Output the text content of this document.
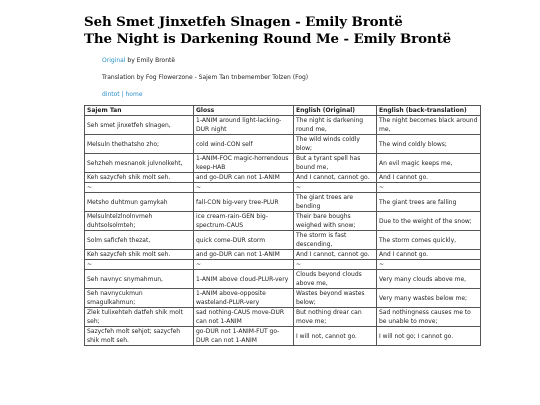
Seh Smet Jinxetfeh Slnagen - Emily Brontë
The Night is Darkening Round Me - Emily Brontë
Original by Emily Brontë
Translation by Fog Flowerzone - Sajem Tan tnbemember Tolzen (Fog)
dintot | home
Sajem Tan	Gloss	English (Original)	English (back-translation)
Seh smet jinxetfeh slnagen,	1-ANIM around light-lacking-DUR night	The night is darkening round me,	The night becomes black around me,
Melsuln thethatsho zho;	cold wind-CON self	The wild winds coldly blow;	The wind coldly blows;
Sehzheh mesnanok julvnolkeht,	1-ANIM-FOC magic-horrendous keep-HAB	But a tyrant spell has bound me,	An evil magic keeps me,
Keh sazycfeh shik molt seh.	and go-DUR can not 1-ANIM	And I cannot, cannot go.	And I cannot go.
~	~	~	~
Metsho duhtmun gamykah	fall-CON big-very tree-PLUR	The giant trees are bending	The giant trees are falling
Melsulntelzlnolnvmeh duhtsolsolmteh;	ice cream-rain-GEN big-spectrum-CAUS	Their bare boughs weighed with snow;	Due to the weight of the snow;
Solm saficfeh thezat,	quick come-DUR storm	The storm is fast descending,	The storm comes quickly,
Keh sazycfeh shik molt seh.	and go-DUR can not 1-ANIM	And I cannot, cannot go.	And I cannot go.
~	~	~	~
Seh navnyc snymahmun,	1-ANIM above cloud-PLUR-very	Clouds beyond clouds above me,	Very many clouds above me,
Seh navnycukmun smagulkahmun;	1-ANIM above-opposite wasteland-PLUR-very	Wastes beyond wastes below;	Very many wastes below me;
Zlek tulixehteh datfeh shik molt seh;	sad nothing-CAUS move-DUR can not 1-ANIM	But nothing drear can move me;	Sad nothingness causes me to be unable to move;
Sazycfeh molt sehjot; sazycfeh shik molt seh.	go-DUR not 1-ANIM-FUT go-DUR can not 1-ANIM	I will not, cannot go.	I will not go; I cannot go.
